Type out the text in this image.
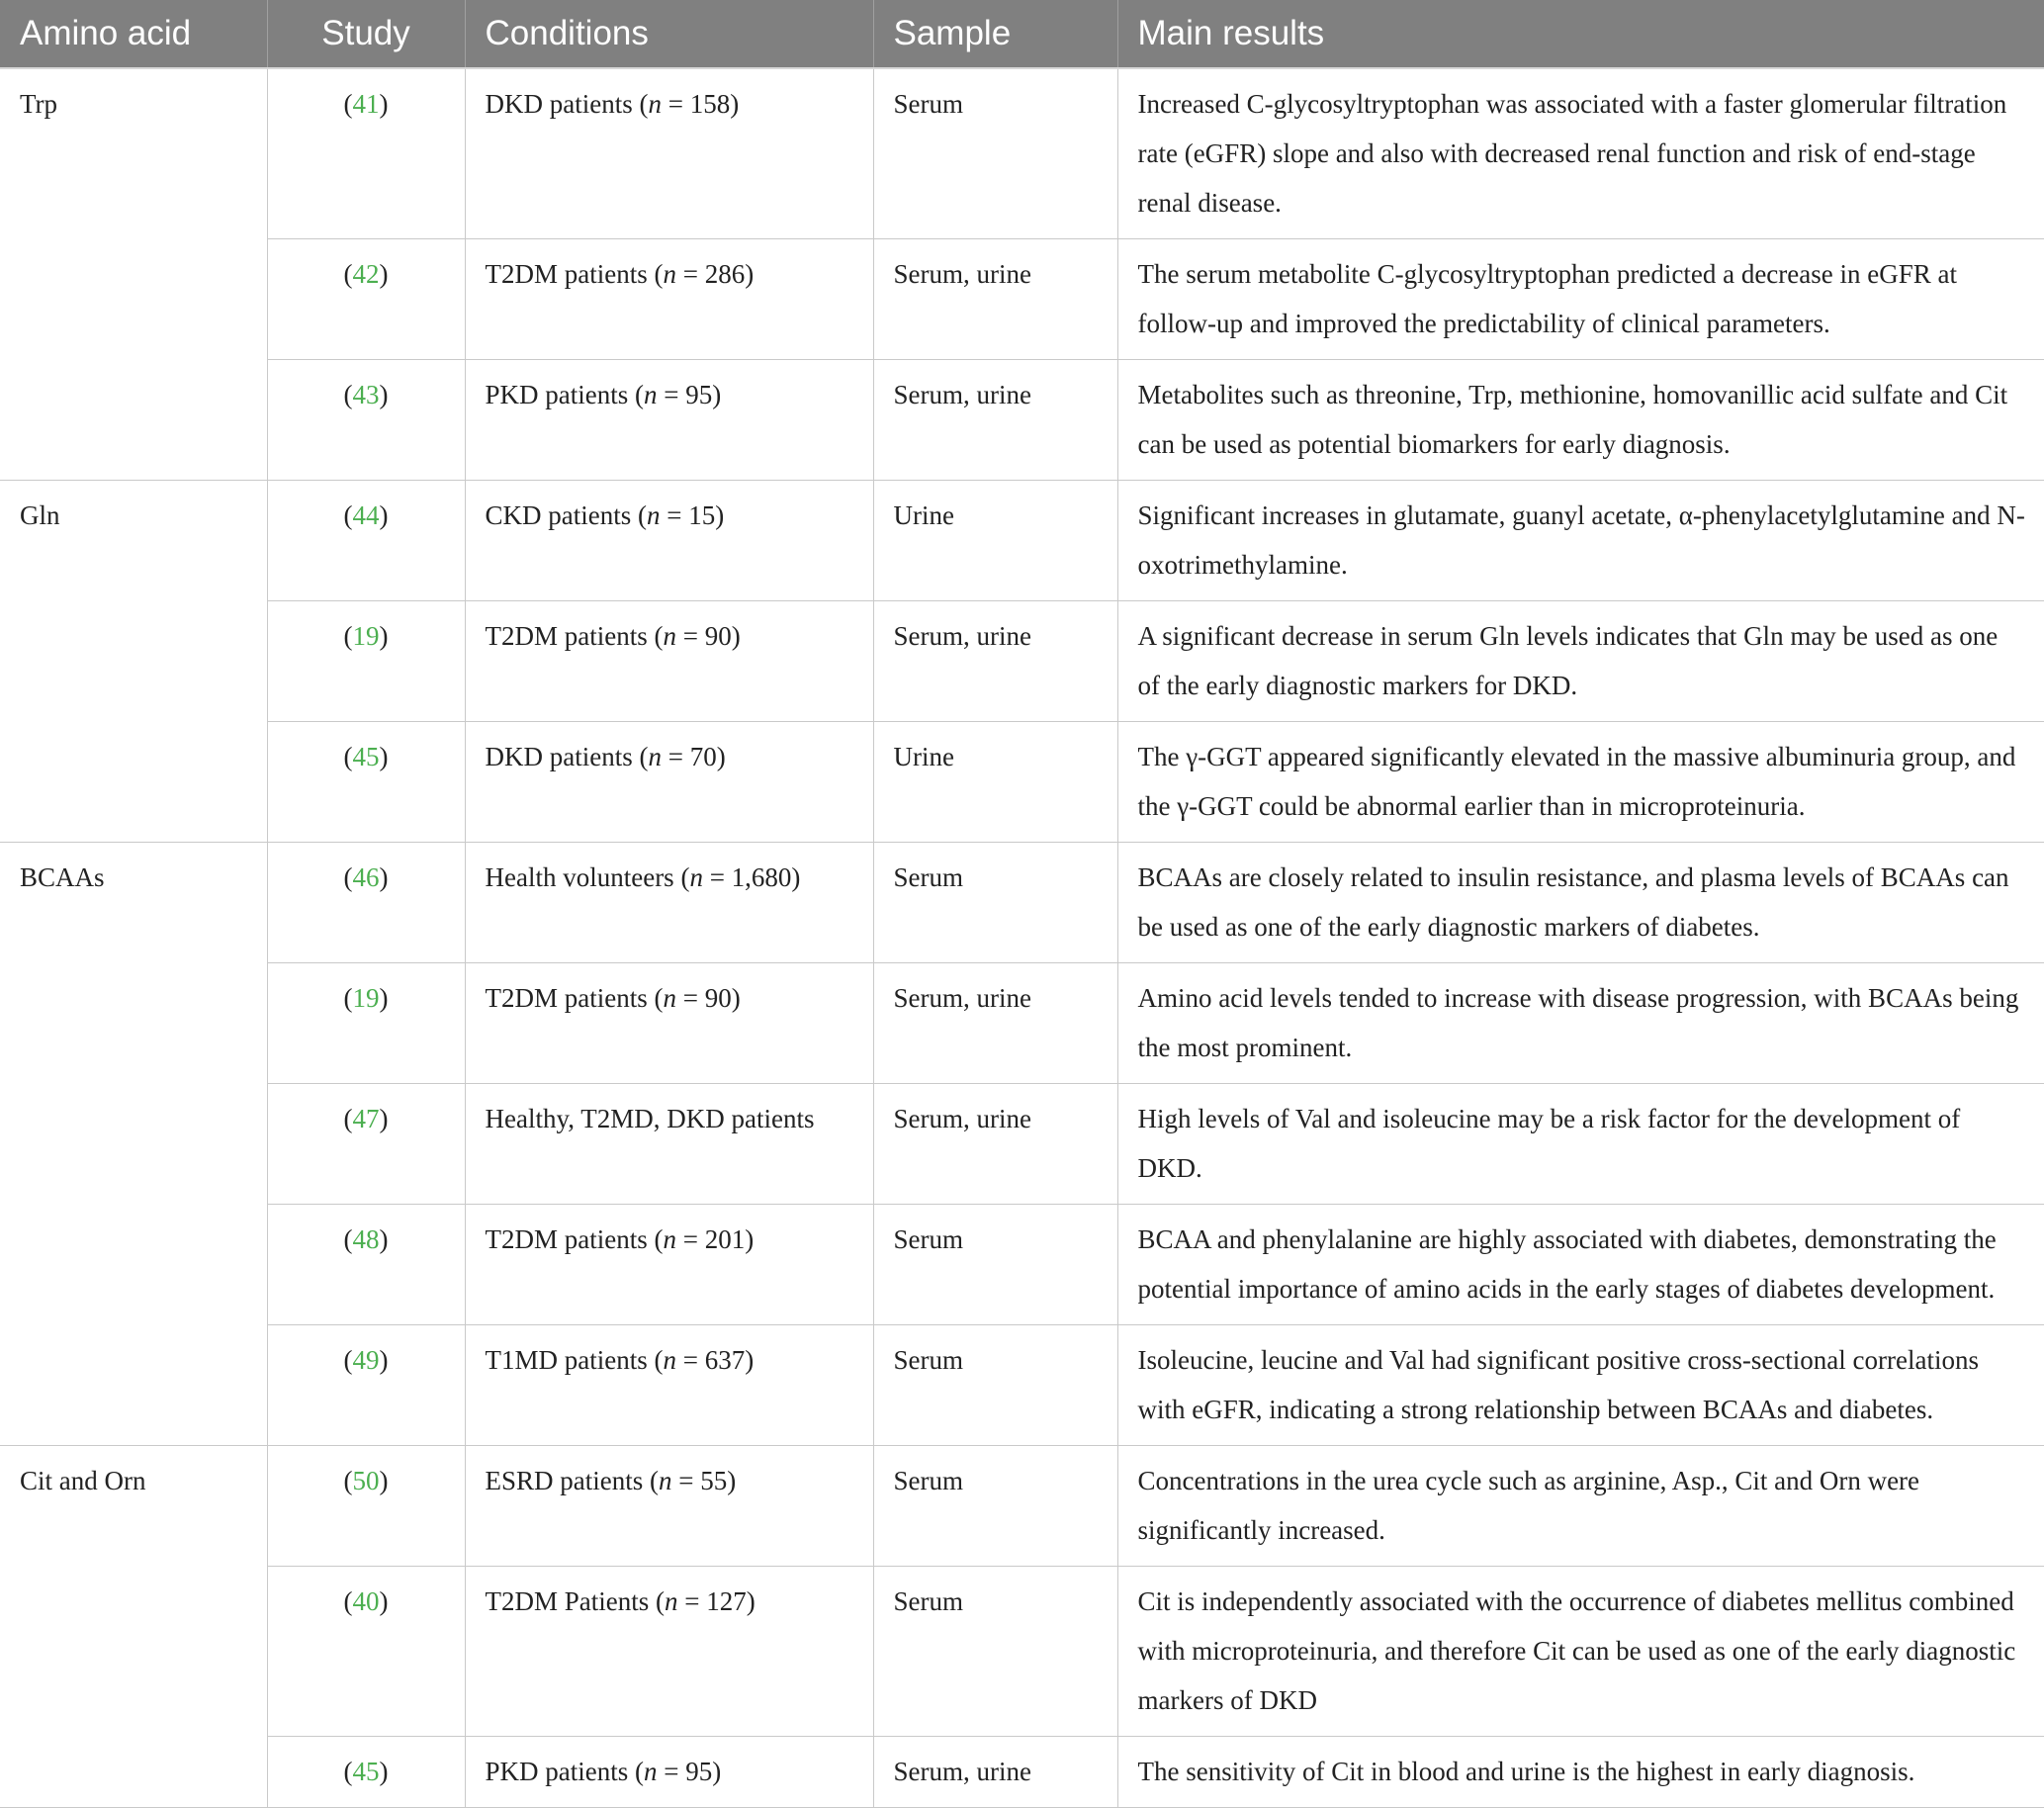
Amino acid	Study	Conditions	Sample	Main results
Trp	(41)	DKD patients (n = 158)	Serum	Increased C-glycosyltryptophan was associated with a faster glomerular filtration rate (eGFR) slope and also with decreased renal function and risk of end-stage renal disease.
	(42)	T2DM patients (n = 286)	Serum, urine	The serum metabolite C-glycosyltryptophan predicted a decrease in eGFR at follow-up and improved the predictability of clinical parameters.
	(43)	PKD patients (n = 95)	Serum, urine	Metabolites such as threonine, Trp, methionine, homovanillic acid sulfate and Cit can be used as potential biomarkers for early diagnosis.
Gln	(44)	CKD patients (n = 15)	Urine	Significant increases in glutamate, guanyl acetate, α-phenylacetylglutamine and N-oxotrimethylamine.
	(19)	T2DM patients (n = 90)	Serum, urine	A significant decrease in serum Gln levels indicates that Gln may be used as one of the early diagnostic markers for DKD.
	(45)	DKD patients (n = 70)	Urine	The γ-GGT appeared significantly elevated in the massive albuminuria group, and the γ-GGT could be abnormal earlier than in microproteinuria.
BCAAs	(46)	Health volunteers (n = 1,680)	Serum	BCAAs are closely related to insulin resistance, and plasma levels of BCAAs can be used as one of the early diagnostic markers of diabetes.
	(19)	T2DM patients (n = 90)	Serum, urine	Amino acid levels tended to increase with disease progression, with BCAAs being the most prominent.
	(47)	Healthy, T2MD, DKD patients	Serum, urine	High levels of Val and isoleucine may be a risk factor for the development of DKD.
	(48)	T2DM patients (n = 201)	Serum	BCAA and phenylalanine are highly associated with diabetes, demonstrating the potential importance of amino acids in the early stages of diabetes development.
	(49)	T1MD patients (n = 637)	Serum	Isoleucine, leucine and Val had significant positive cross-sectional correlations with eGFR, indicating a strong relationship between BCAAs and diabetes.
Cit and Orn	(50)	ESRD patients (n = 55)	Serum	Concentrations in the urea cycle such as arginine, Asp., Cit and Orn were significantly increased.
	(40)	T2DM Patients (n = 127)	Serum	Cit is independently associated with the occurrence of diabetes mellitus combined with microproteinuria, and therefore Cit can be used as one of the early diagnostic markers of DKD
	(45)	PKD patients (n = 95)	Serum, urine	The sensitivity of Cit in blood and urine is the highest in early diagnosis.
